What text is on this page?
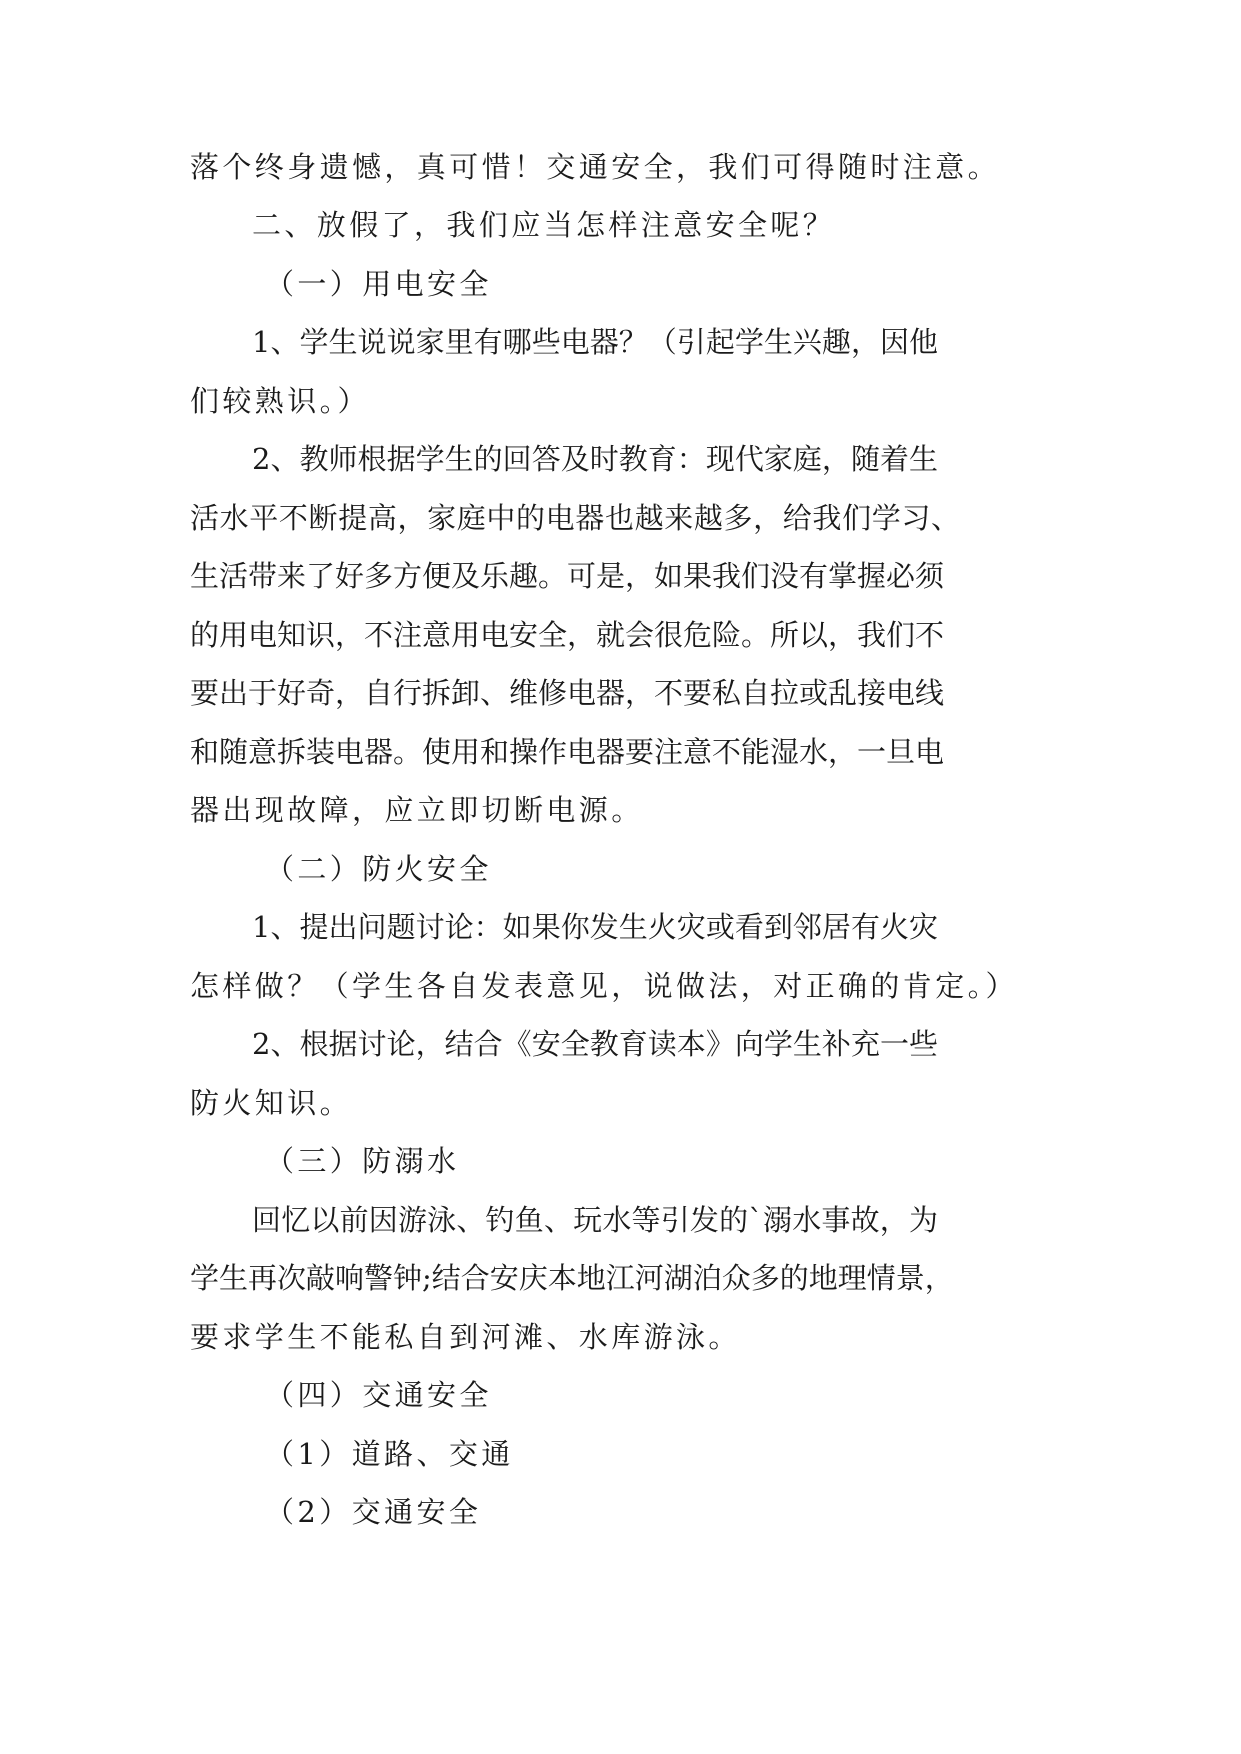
落个终身遗憾，真可惜！交通安全，我们可得随时注意。
二、放假了，我们应当怎样注意安全呢？
（一）用电安全
1、学生说说家里有哪些电器？（引起学生兴趣，因他
们较熟识。）
2、教师根据学生的回答及时教育：现代家庭，随着生
活水平不断提高，家庭中的电器也越来越多，给我们学习、
生活带来了好多方便及乐趣。可是，如果我们没有掌握必须
的用电知识，不注意用电安全，就会很危险。所以，我们不
要出于好奇，自行拆卸、维修电器，不要私自拉或乱接电线
和随意拆装电器。使用和操作电器要注意不能湿水，一旦电
器出现故障，应立即切断电源。
（二）防火安全
1、提出问题讨论：如果你发生火灾或看到邻居有火灾
怎样做？（学生各自发表意见，说做法，对正确的肯定。）
2、根据讨论，结合《安全教育读本》向学生补充一些
防火知识。
（三）防溺水
回忆以前因游泳、钓鱼、玩水等引发的`溺水事故，为
学生再次敲响警钟;结合安庆本地江河湖泊众多的地理情景，
要求学生不能私自到河滩、水库游泳。
（四）交通安全
（1）道路、交通
（2）交通安全
